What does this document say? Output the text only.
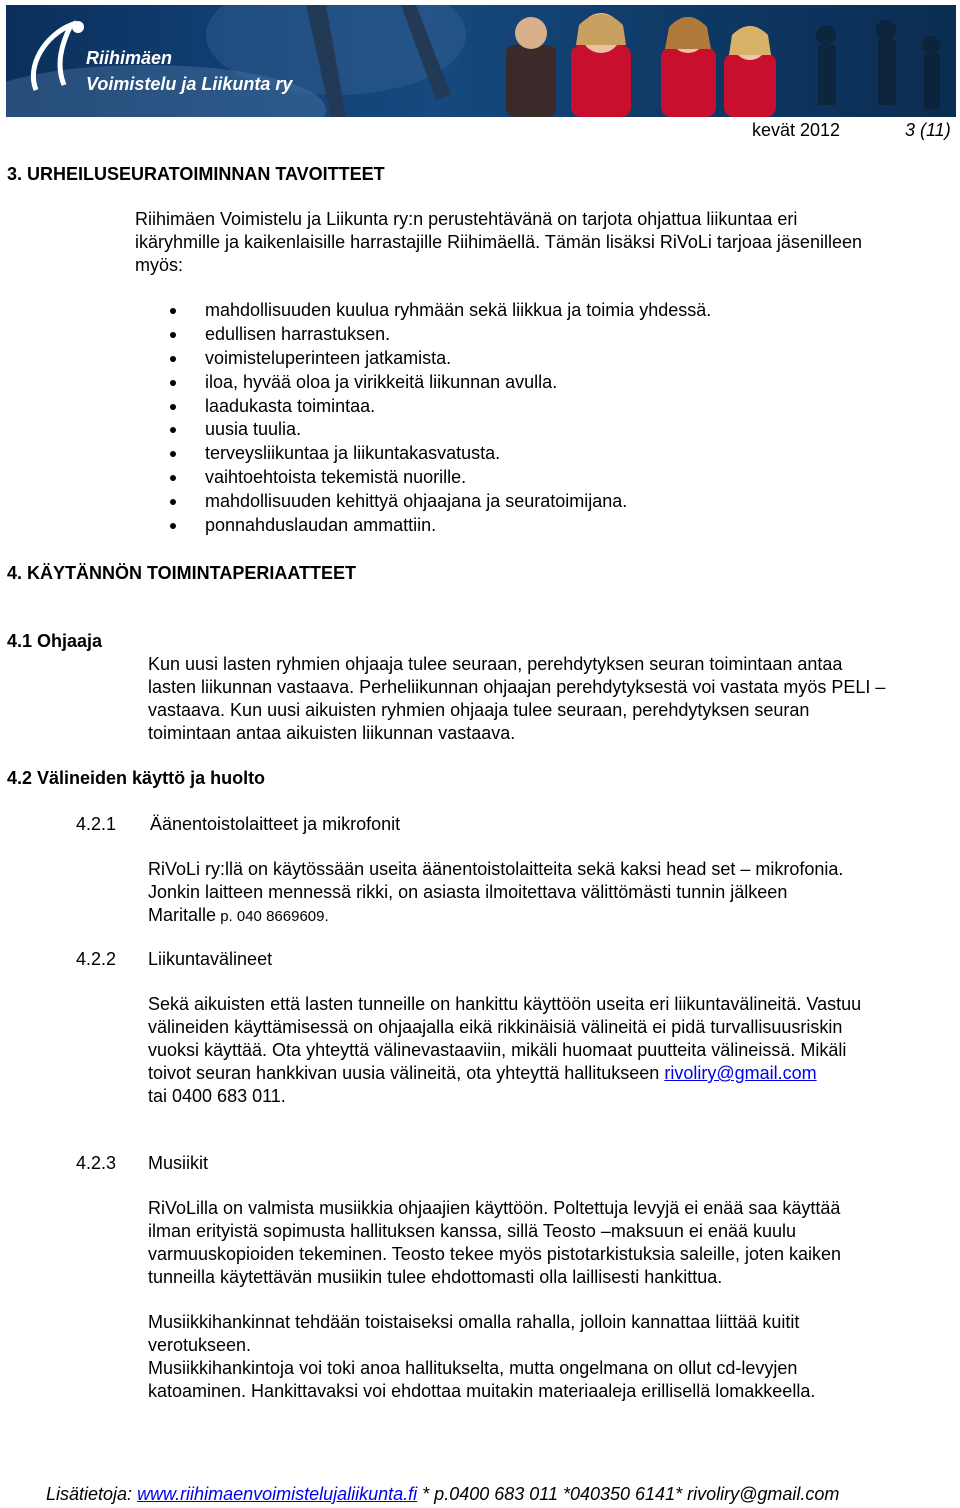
Riihimäen
Voimistelu ja Liikunta ry
kevät 2012	3 (11)
3. URHEILUSEURATOIMINNAN TAVOITTEET

Riihimäen Voimistelu ja Liikunta ry:n perustehtävänä on tarjota ohjattua liikuntaa eri

ikäryhmille ja kaikenlaisille harrastajille Riihimäellä. Tämän lisäksi RiVoLi tarjoaa jäsenilleen

myös:

mahdollisuuden kuulua ryhmään sekä liikkua ja toimia yhdessä.
edullisen harrastuksen.
voimisteluperinteen jatkamista.
iloa, hyvää oloa ja virikkeitä liikunnan avulla.
laadukasta toimintaa.
uusia tuulia.
terveysliikuntaa ja liikuntakasvatusta.
vaihtoehtoista tekemistä nuorille.
mahdollisuuden kehittyä ohjaajana ja seuratoimijana.
ponnahduslaudan ammattiin.
4. KÄYTÄNNÖN TOIMINTAPERIAATTEET
4.1 Ohjaaja

Kun uusi lasten ryhmien ohjaaja tulee seuraan, perehdytyksen seuran toimintaan antaa

lasten liikunnan vastaava. Perheliikunnan ohjaajan perehdytyksestä voi vastata myös PELI –

vastaava. Kun uusi aikuisten ryhmien ohjaaja tulee seuraan, perehdytyksen seuran

toimintaan antaa aikuisten liikunnan vastaava.

4.2 Välineiden käyttö ja huolto
4.2.1 Äänentoistolaitteet ja mikrofonit

RiVoLi ry:llä on käytössään useita äänentoistolaitteita sekä kaksi head set – mikrofonia.

Jonkin laitteen mennessä rikki, on asiasta ilmoitettava välittömästi tunnin jälkeen

Maritalle p. 040 8669609.

4.2.2 Liikuntavälineet

Sekä aikuisten että lasten tunneille on hankittu käyttöön useita eri liikuntavälineitä. Vastuu

välineiden käyttämisessä on ohjaajalla eikä rikkinäisiä välineitä ei pidä turvallisuusriskin

vuoksi käyttää. Ota yhteyttä välinevastaaviin, mikäli huomaat puutteita välineissä. Mikäli

toivot seuran hankkivan uusia välineitä, ota yhteyttä hallitukseen rivoliry@gmail.com

tai 0400 683 011.

4.2.3 Musiikit

RiVoLilla on valmista musiikkia ohjaajien käyttöön. Poltettuja levyjä ei enää saa käyttää

ilman erityistä sopimusta hallituksen kanssa, sillä Teosto –maksuun ei enää kuulu

varmuuskopioiden tekeminen. Teosto tekee myös pistotarkistuksia saleille, joten kaiken

tunneilla käytettävän musiikin tulee ehdottomasti olla laillisesti hankittua.

Musiikkihankinnat tehdään toistaiseksi omalla rahalla, jolloin kannattaa liittää kuitit

verotukseen.

Musiikkihankintoja voi toki anoa hallitukselta, mutta ongelmana on ollut cd-levyjen

katoaminen. Hankittavaksi voi ehdottaa muitakin materiaaleja erillisellä lomakkeella.

Lisätietoja: www.riihimaenvoimistelujaliikunta.fi * p.0400 683 011 *040350 6141* rivoliry@gmail.com
